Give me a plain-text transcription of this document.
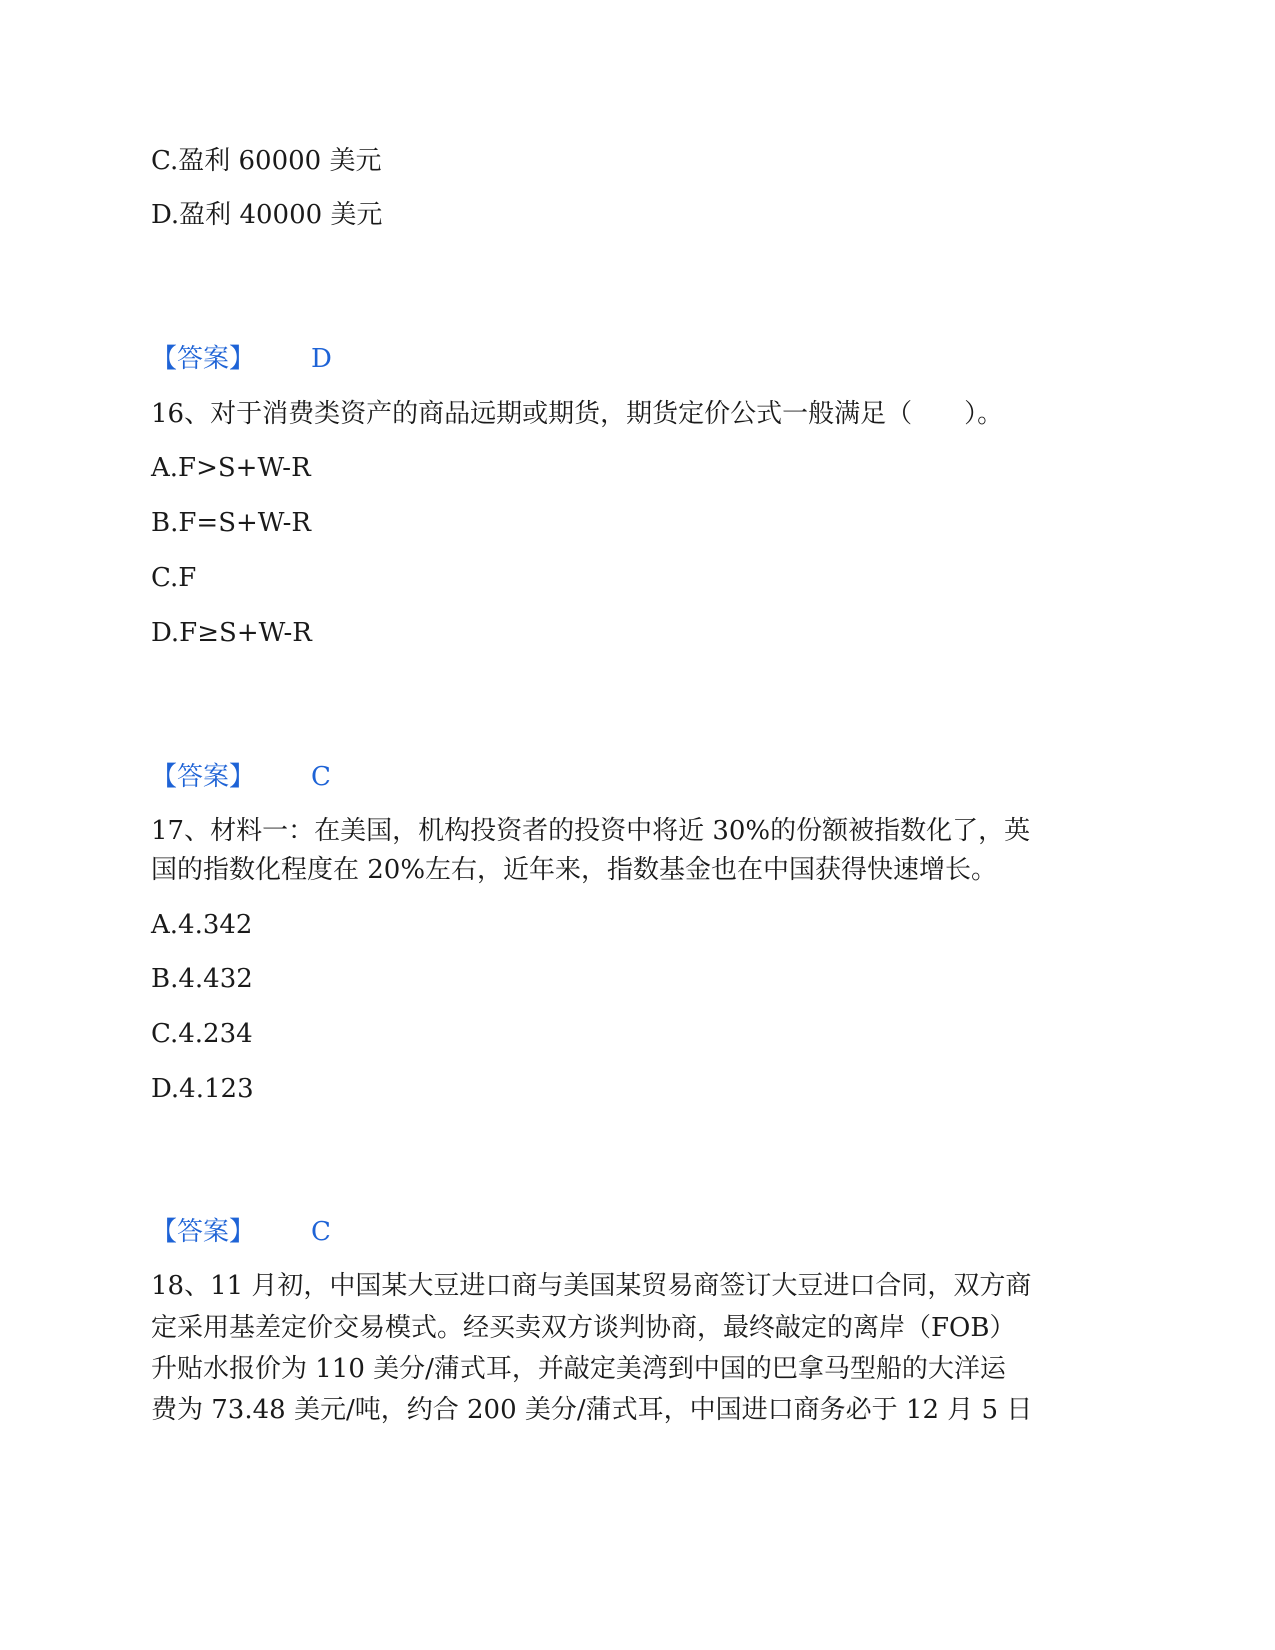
C.盈利 60000 美元
D.盈利 40000 美元
【答案】 D
16、对于消费类资产的商品远期或期货，期货定价公式一般满足（　　）。
A.F>S+W-R
B.F=S+W-R
C.F
D.F≥S+W-R
【答案】 C
17、材料一：在美国，机构投资者的投资中将近 30%的份额被指数化了，英
国的指数化程度在 20%左右，近年来，指数基金也在中国获得快速增长。
A.4.342
B.4.432
C.4.234
D.4.123
【答案】 C
18、11 月初，中国某大豆进口商与美国某贸易商签订大豆进口合同，双方商
定采用基差定价交易模式。经买卖双方谈判协商，最终敲定的离岸（FOB）
升贴水报价为 110 美分/蒲式耳，并敲定美湾到中国的巴拿马型船的大洋运
费为 73.48 美元/吨，约合 200 美分/蒲式耳，中国进口商务必于 12 月 5 日
